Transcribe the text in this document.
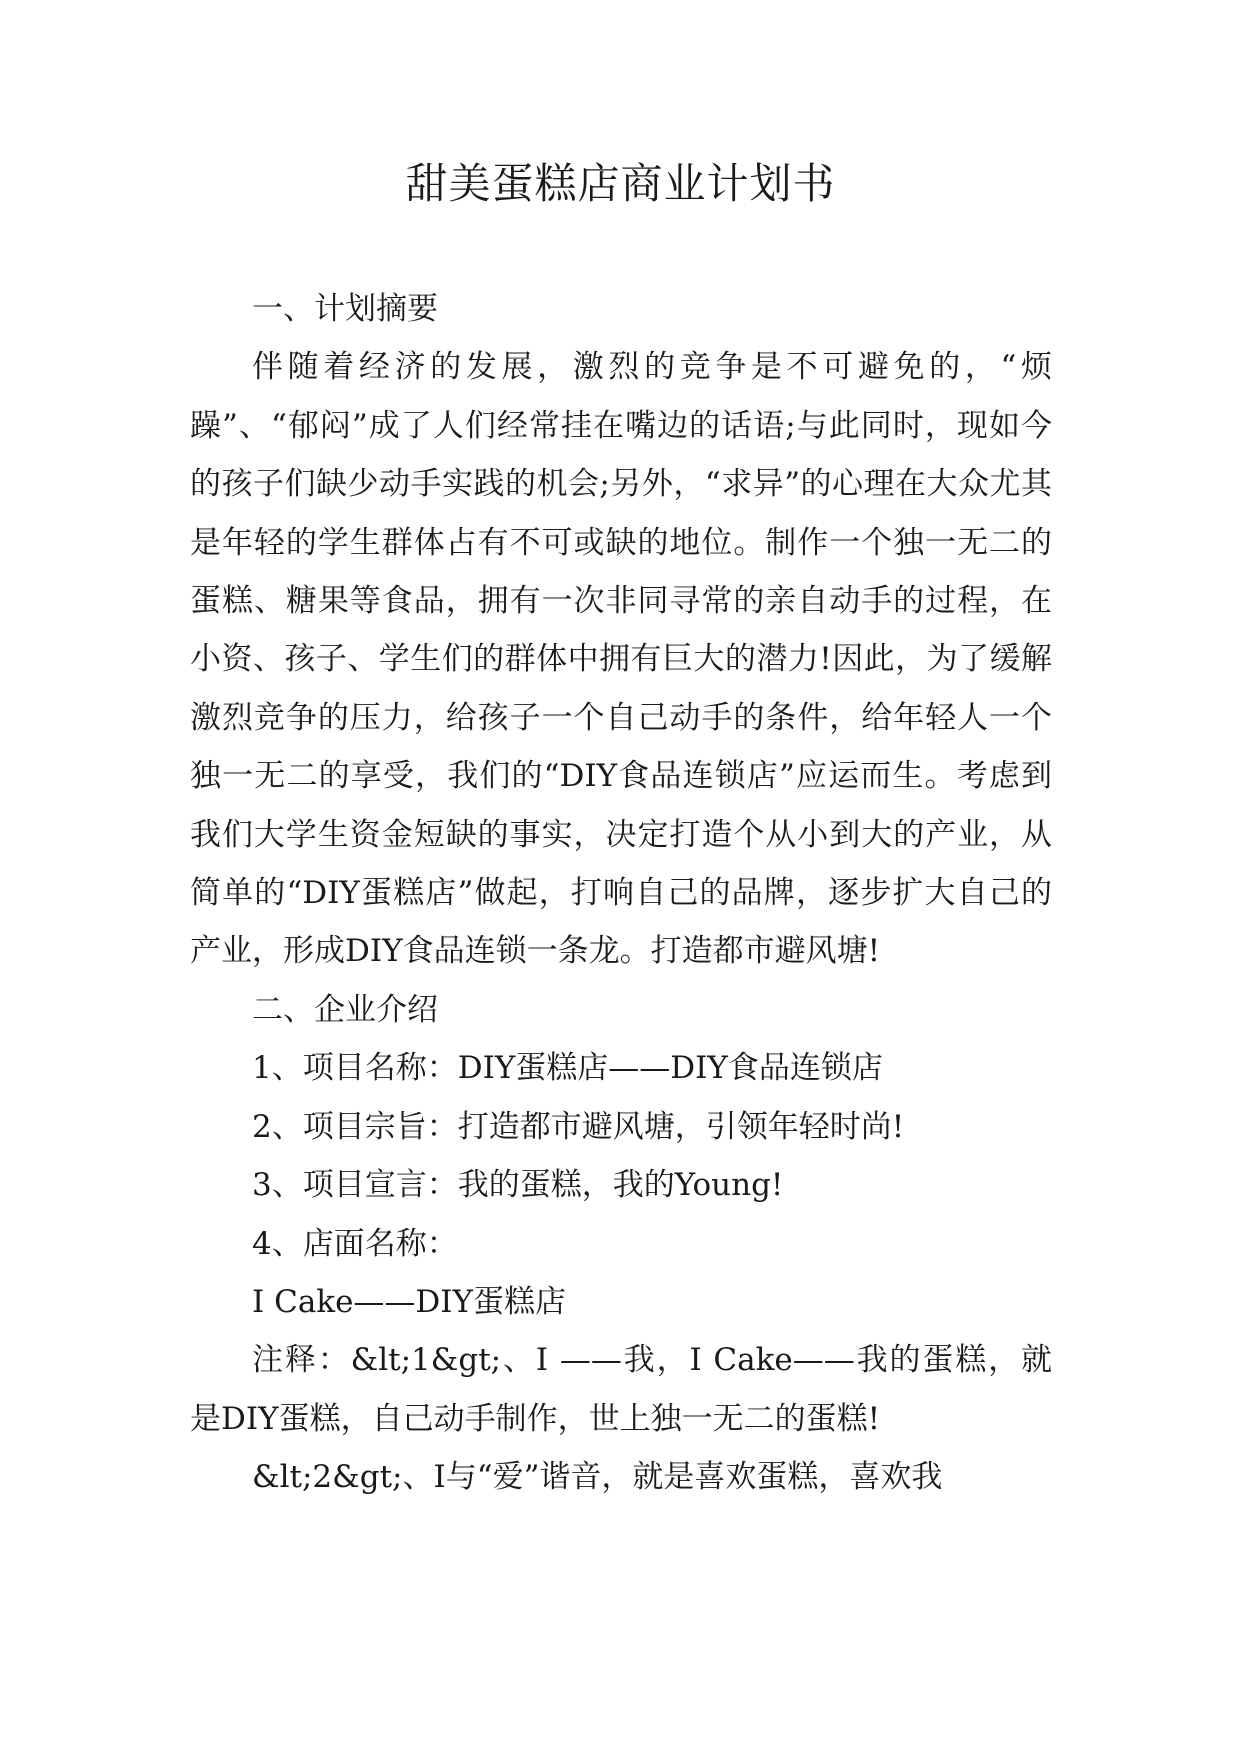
甜美蛋糕店商业计划书

一、计划摘要

伴随着经济的发展，激烈的竞争是不可避免的，“烦躁”、“郁闷”成了人们经常挂在嘴边的话语;与此同时，现如今的孩子们缺少动手实践的机会;另外，“求异”的心理在大众尤其是年轻的学生群体占有不可或缺的地位。制作一个独一无二的蛋糕、糖果等食品，拥有一次非同寻常的亲自动手的过程，在小资、孩子、学生们的群体中拥有巨大的潜力!因此，为了缓解激烈竞争的压力，给孩子一个自己动手的条件，给年轻人一个独一无二的享受，我们的“DIY食品连锁店”应运而生。考虑到我们大学生资金短缺的事实，决定打造个从小到大的产业，从简单的“DIY蛋糕店”做起，打响自己的品牌，逐步扩大自己的产业，形成DIY食品连锁一条龙。打造都市避风塘!

二、企业介绍

1、项目名称：DIY蛋糕店——DIY食品连锁店

2、项目宗旨：打造都市避风塘，引领年轻时尚!

3、项目宣言：我的蛋糕，我的Young!

4、店面名称：

I Cake——DIY蛋糕店

注释：&lt;1&gt;、I ——我，I Cake——我的蛋糕，就是DIY蛋糕，自己动手制作，世上独一无二的蛋糕!

&lt;2&gt;、I与“爱”谐音，就是喜欢蛋糕，喜欢我
